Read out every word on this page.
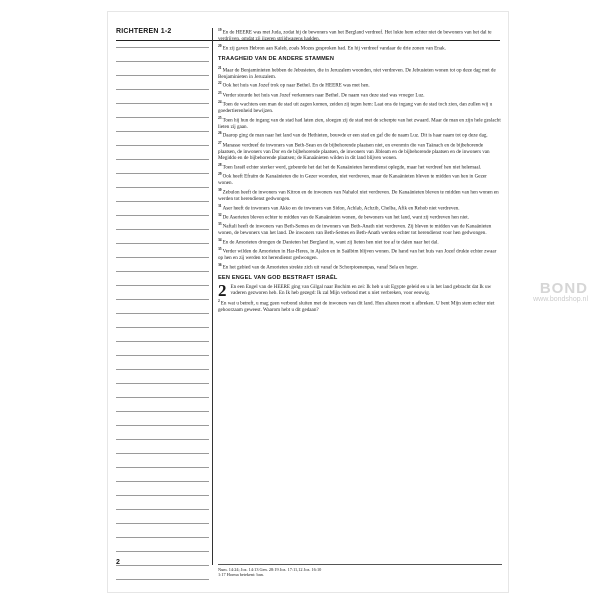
RICHTEREN 1-2	$^{19}$En de HEERE was met Juda, zodat hij de bewoners van het Bergland verdreef. Het lukte hem echter niet de bewoners van het dal te verdrijven, omdat zij ijzeren strijdwagens hadden.

$^{20}$En zij gaven Hebron aan Kaleb, zoals Mozes gesproken had. En hij verdreef vandaar de drie zonen van Enak.

TRAAGHEID VAN DE ANDERE STAMMEN

$^{21}$Maar de Benjaminieten hebben de Jebusieten, die in Jeruzalem woonden, niet verdreven. De Jebusieten wonen tot op deze dag met de Benjaminieten in Jeruzalem.

$^{22}$Ook het huis van Jozef trok op naar Bethel. En de HEERE was met hen.

$^{23}$Verder stuurde het huis van Jozef verkenners naar Bethel. De naam van deze stad was vroeger Luz.

$^{24}$Toen de wachters een man de stad uit zagen komen, zeiden zij tegen hem: Laat ons de ingang van de stad toch zien, dan zullen wij u goedertierenheid bewijzen.

$^{25}$Toen hij hun de ingang van de stad had laten zien, sloegen zij de stad met de scherpte van het zwaard. Maar de man en zijn hele geslacht lieten zij gaan.

$^{26}$Daarop ging de man naar het land van de Hethieten, bouwde er een stad en gaf die de naam Luz. Dit is haar naam tot op deze dag.

$^{27}$Manasse verdreef de inwoners van Beth-Sean en de bijbehorende plaatsen niet, en evenmin die van Taänach en de bijbehorende plaatsen, de inwoners van Dor en de bijbehorende plaatsen, de inwoners van Jibleam en de bijbehorende plaatsen en de inwoners van Megiddo en de bijbehorende plaatsen; de Kanaänieten wilden in dit land blijven wonen.

$^{28}$Toen Israël echter sterker werd, gebeurde het dat het de Kanaänieten herendienst oplegde, maar het verdreef hen niet helemaal.

$^{29}$Ook heeft Efraïm de Kanaänieten die in Gezer woonden, niet verdreven, maar de Kanaänieten bleven te midden van hen in Gezer wonen.

$^{30}$Zebulon heeft de inwoners van Kitron en de inwoners van Nahalol niet verdreven. De Kanaänieten bleven te midden van hen wonen en werden tot herendienst gedwongen.

$^{31}$Aser heeft de inwoners van Akko en de inwoners van Sidon, Achlab, Achzib, Chelba, Afik en Rehob niet verdreven.

$^{32}$De Aserieten bleven echter te midden van de Kanaänieten wonen, de bewoners van het land, want zij verdreven hen niet.

$^{33}$Naftali heeft de inwoners van Beth-Semes en de inwoners van Beth-Anath niet verdreven. Zij bleven te midden van de Kanaänieten wonen, de bewoners van het land. De inwoners van Beth-Semes en Beth-Anath werden echter tot herendienst voor hen gedwongen.

$^{34}$En de Amorieten drongen de Danieten het Bergland in, want zij lieten hen niet toe af te dalen naar het dal.

$^{35}$Verder wilden de Amorieten in Har-Heres, in Ajalon en in Saälbim blijven wonen. De hand van het huis van Jozef drukte echter zwaar op hen en zij werden tot herendienst gedwongen.

$^{36}$En het gebied van de Amorieten strekte zich uit vanaf de Schorpioenenpas, vanaf Sela en hoger.

EEN ENGEL VAN GOD BESTRAFT ISRAËL
2 En een Engel van de HEERE ging van Gilgal naar Bochim en zei: Ik heb u uit Egypte geleid en u in het land gebracht dat Ik uw vaderen gezworen heb. En Ik heb gezegd: Ik zal Mijn verbond met u niet verbreken, voor eeuwig.

$^2$En wat u betreft, u mag geen verbond sluiten met de inwoners van dit land. Hun altaren moet u afbreken. U bent Mijn stem echter niet gehoorzaam geweest. Waarom hebt u dit gedaan?

Num. 14:24; Joz. 14:13 Gen. 28:19 Joz. 17:11,12 Joz. 16:10
1:17 Horma betekent: ban.
2
BOND
www.bondshop.nl
